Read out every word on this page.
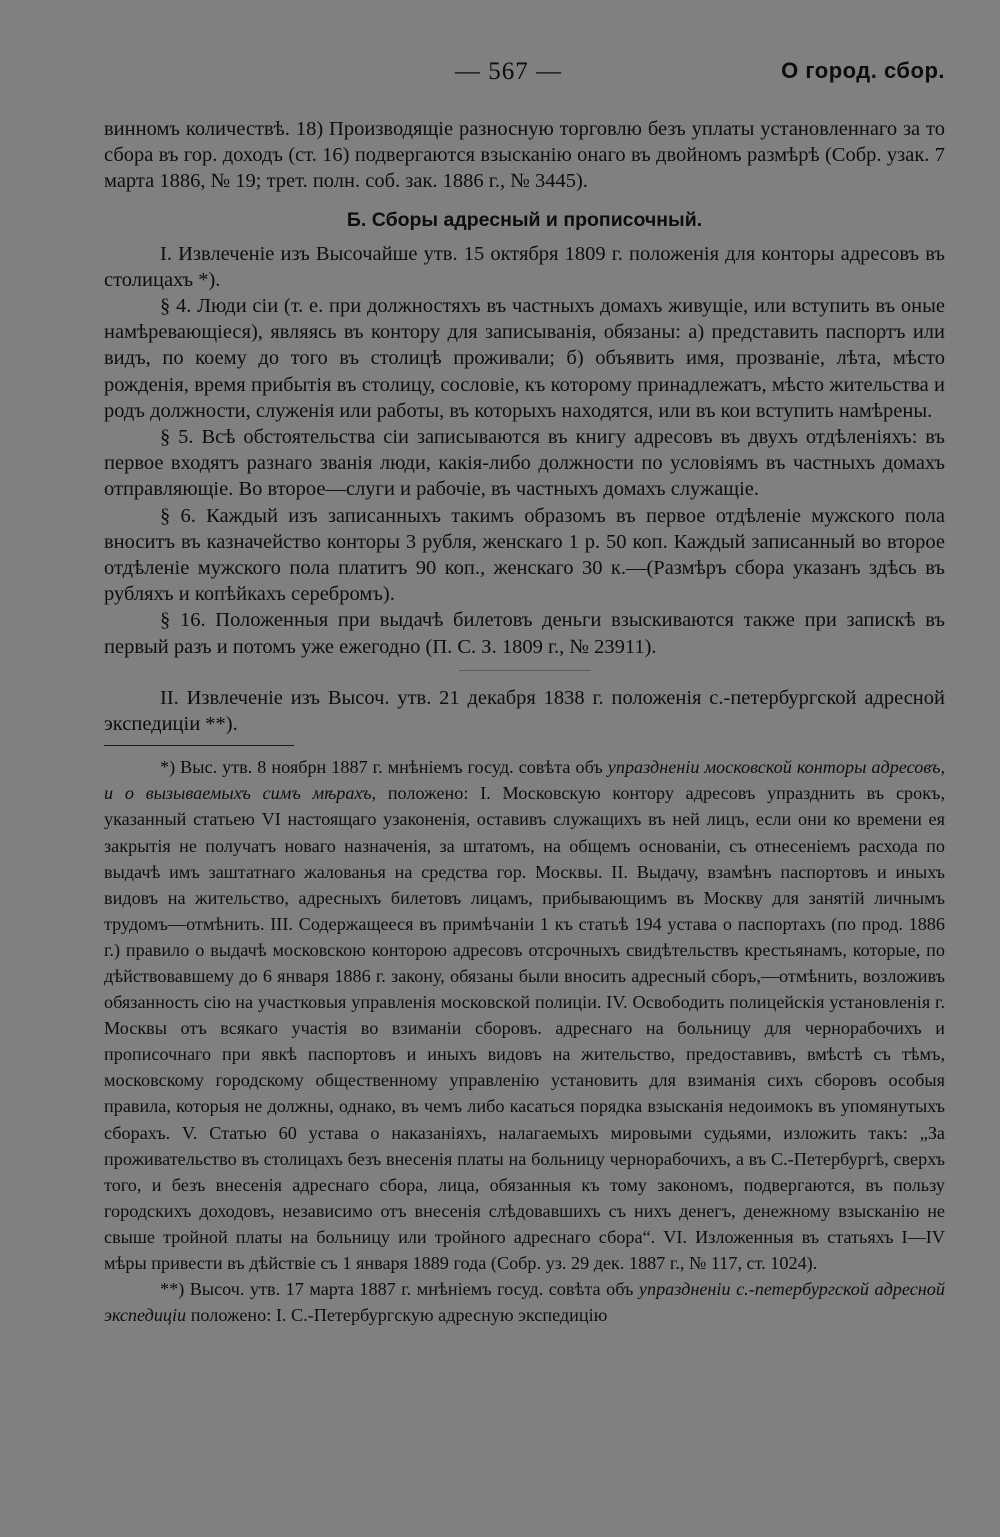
— 567 —	О город. сбор.

винномъ количествѣ. 18) Производящіе разносную торговлю безъ уплаты установленнаго за то сбора въ гор. доходъ (ст. 16) подвергаются взысканію онаго въ двойномъ размѣрѣ (Собр. узак. 7 марта 1886, № 19; трет. полн. соб. зак. 1886 г., № 3445).

Б. Сборы адресный и прописочный.

I. Извлеченіе изъ Высочайше утв. 15 октября 1809 г. положенія для конторы адресовъ въ столицахъ *).

§ 4. Люди сіи (т. е. при должностяхъ въ частныхъ домахъ живущіе, или вступить въ оные намѣревающіеся), являясь въ контору для записыванія, обязаны: а) представить паспортъ или видъ, по коему до того въ столицѣ проживали; б) объявить имя, прозваніе, лѣта, мѣсто рожденія, время прибытія въ столицу, сословіе, къ которому принадлежатъ, мѣсто жительства и родъ должности, служенія или работы, въ которыхъ находятся, или въ кои вступить намѣрены.

§ 5. Всѣ обстоятельства сіи записываются въ книгу адресовъ въ двухъ отдѣленіяхъ: въ первое входятъ разнаго званія люди, какія-либо должности по условіямъ въ частныхъ домахъ отправляющіе. Во второе—слуги и рабочіе, въ частныхъ домахъ служащіе.

§ 6. Каждый изъ записанныхъ такимъ образомъ въ первое отдѣленіе мужского пола вноситъ въ казначейство конторы 3 рубля, женскаго 1 р. 50 коп. Каждый записанный во второе отдѣленіе мужского пола платитъ 90 коп., женскаго 30 к.—(Размѣръ сбора указанъ здѣсь въ рубляхъ и копѣйкахъ серебромъ).

§ 16. Положенныя при выдачѣ билетовъ деньги взыскиваются также при запискѣ въ первый разъ и потомъ уже ежегодно (П. С. З. 1809 г., № 23911).

II. Извлеченіе изъ Высоч. утв. 21 декабря 1838 г. положенія с.-петербургской адресной экспедиціи **).

*) Выс. утв. 8 ноябрн 1887 г. мнѣніемъ госуд. совѣта объ упраздненіи московской конторы адресовъ, и о вызываемыхъ симъ мѣрахъ, положено: I. Московскую контору адресовъ упразднить въ срокъ, указанный статьею VI настоящаго узаконенія, оставивъ служащихъ въ ней лицъ, если они ко времени ея закрытія не получатъ новаго назначенія, за штатомъ, на общемъ основаніи, съ отнесеніемъ расхода по выдачѣ имъ заштатнаго жалованья на средства гор. Москвы. II. Выдачу, взамѣнъ паспортовъ и иныхъ видовъ на жительство, адресныхъ билетовъ лицамъ, прибывающимъ въ Москву для занятій личнымъ трудомъ—отмѣнить. III. Содержащееся въ примѣчаніи 1 къ статьѣ 194 устава о паспортахъ (по прод. 1886 г.) правило о выдачѣ московскою конторою адресовъ отсрочныхъ свидѣтельствъ крестьянамъ, которые, по дѣйствовавшему до 6 января 1886 г. закону, обязаны были вносить адресный сборъ,—отмѣнить, возложивъ обязанность сію на участковыя управленія московской полиціи. IV. Освободить полицейскія установленія г. Москвы отъ всякаго участія во взиманіи сборовъ. адреснаго на больницу для чернорабочихъ и прописочнаго при явкѣ паспортовъ и иныхъ видовъ на жительство, предоставивъ, вмѣстѣ съ тѣмъ, московскому городскому общественному управленію установить для взиманія сихъ сборовъ особыя правила, которыя не должны, однако, въ чемъ либо касаться порядка взысканія недоимокъ въ упомянутыхъ сборахъ. V. Статью 60 устава о наказаніяхъ, налагаемыхъ мировыми судьями, изложить такъ: „За проживательство въ столицахъ безъ внесенія платы на больницу чернорабочихъ, а въ С.-Петербургѣ, сверхъ того, и безъ внесенія адреснаго сбора, лица, обязанныя къ тому закономъ, подвергаются, въ пользу городскихъ доходовъ, независимо отъ внесенія слѣдовавшихъ съ нихъ денегъ, денежному взысканію не свыше тройной платы на больницу или тройного адреснаго сбора“. VI. Изложенныя въ статьяхъ I—IV мѣры привести въ дѣйствіе съ 1 января 1889 года (Собр. уз. 29 дек. 1887 г., № 117, ст. 1024).

**) Высоч. утв. 17 марта 1887 г. мнѣніемъ госуд. совѣта объ упраздненіи с.-петербургской адресной экспедиціи положено: I. С.-Петербургскую адресную экспедицію
